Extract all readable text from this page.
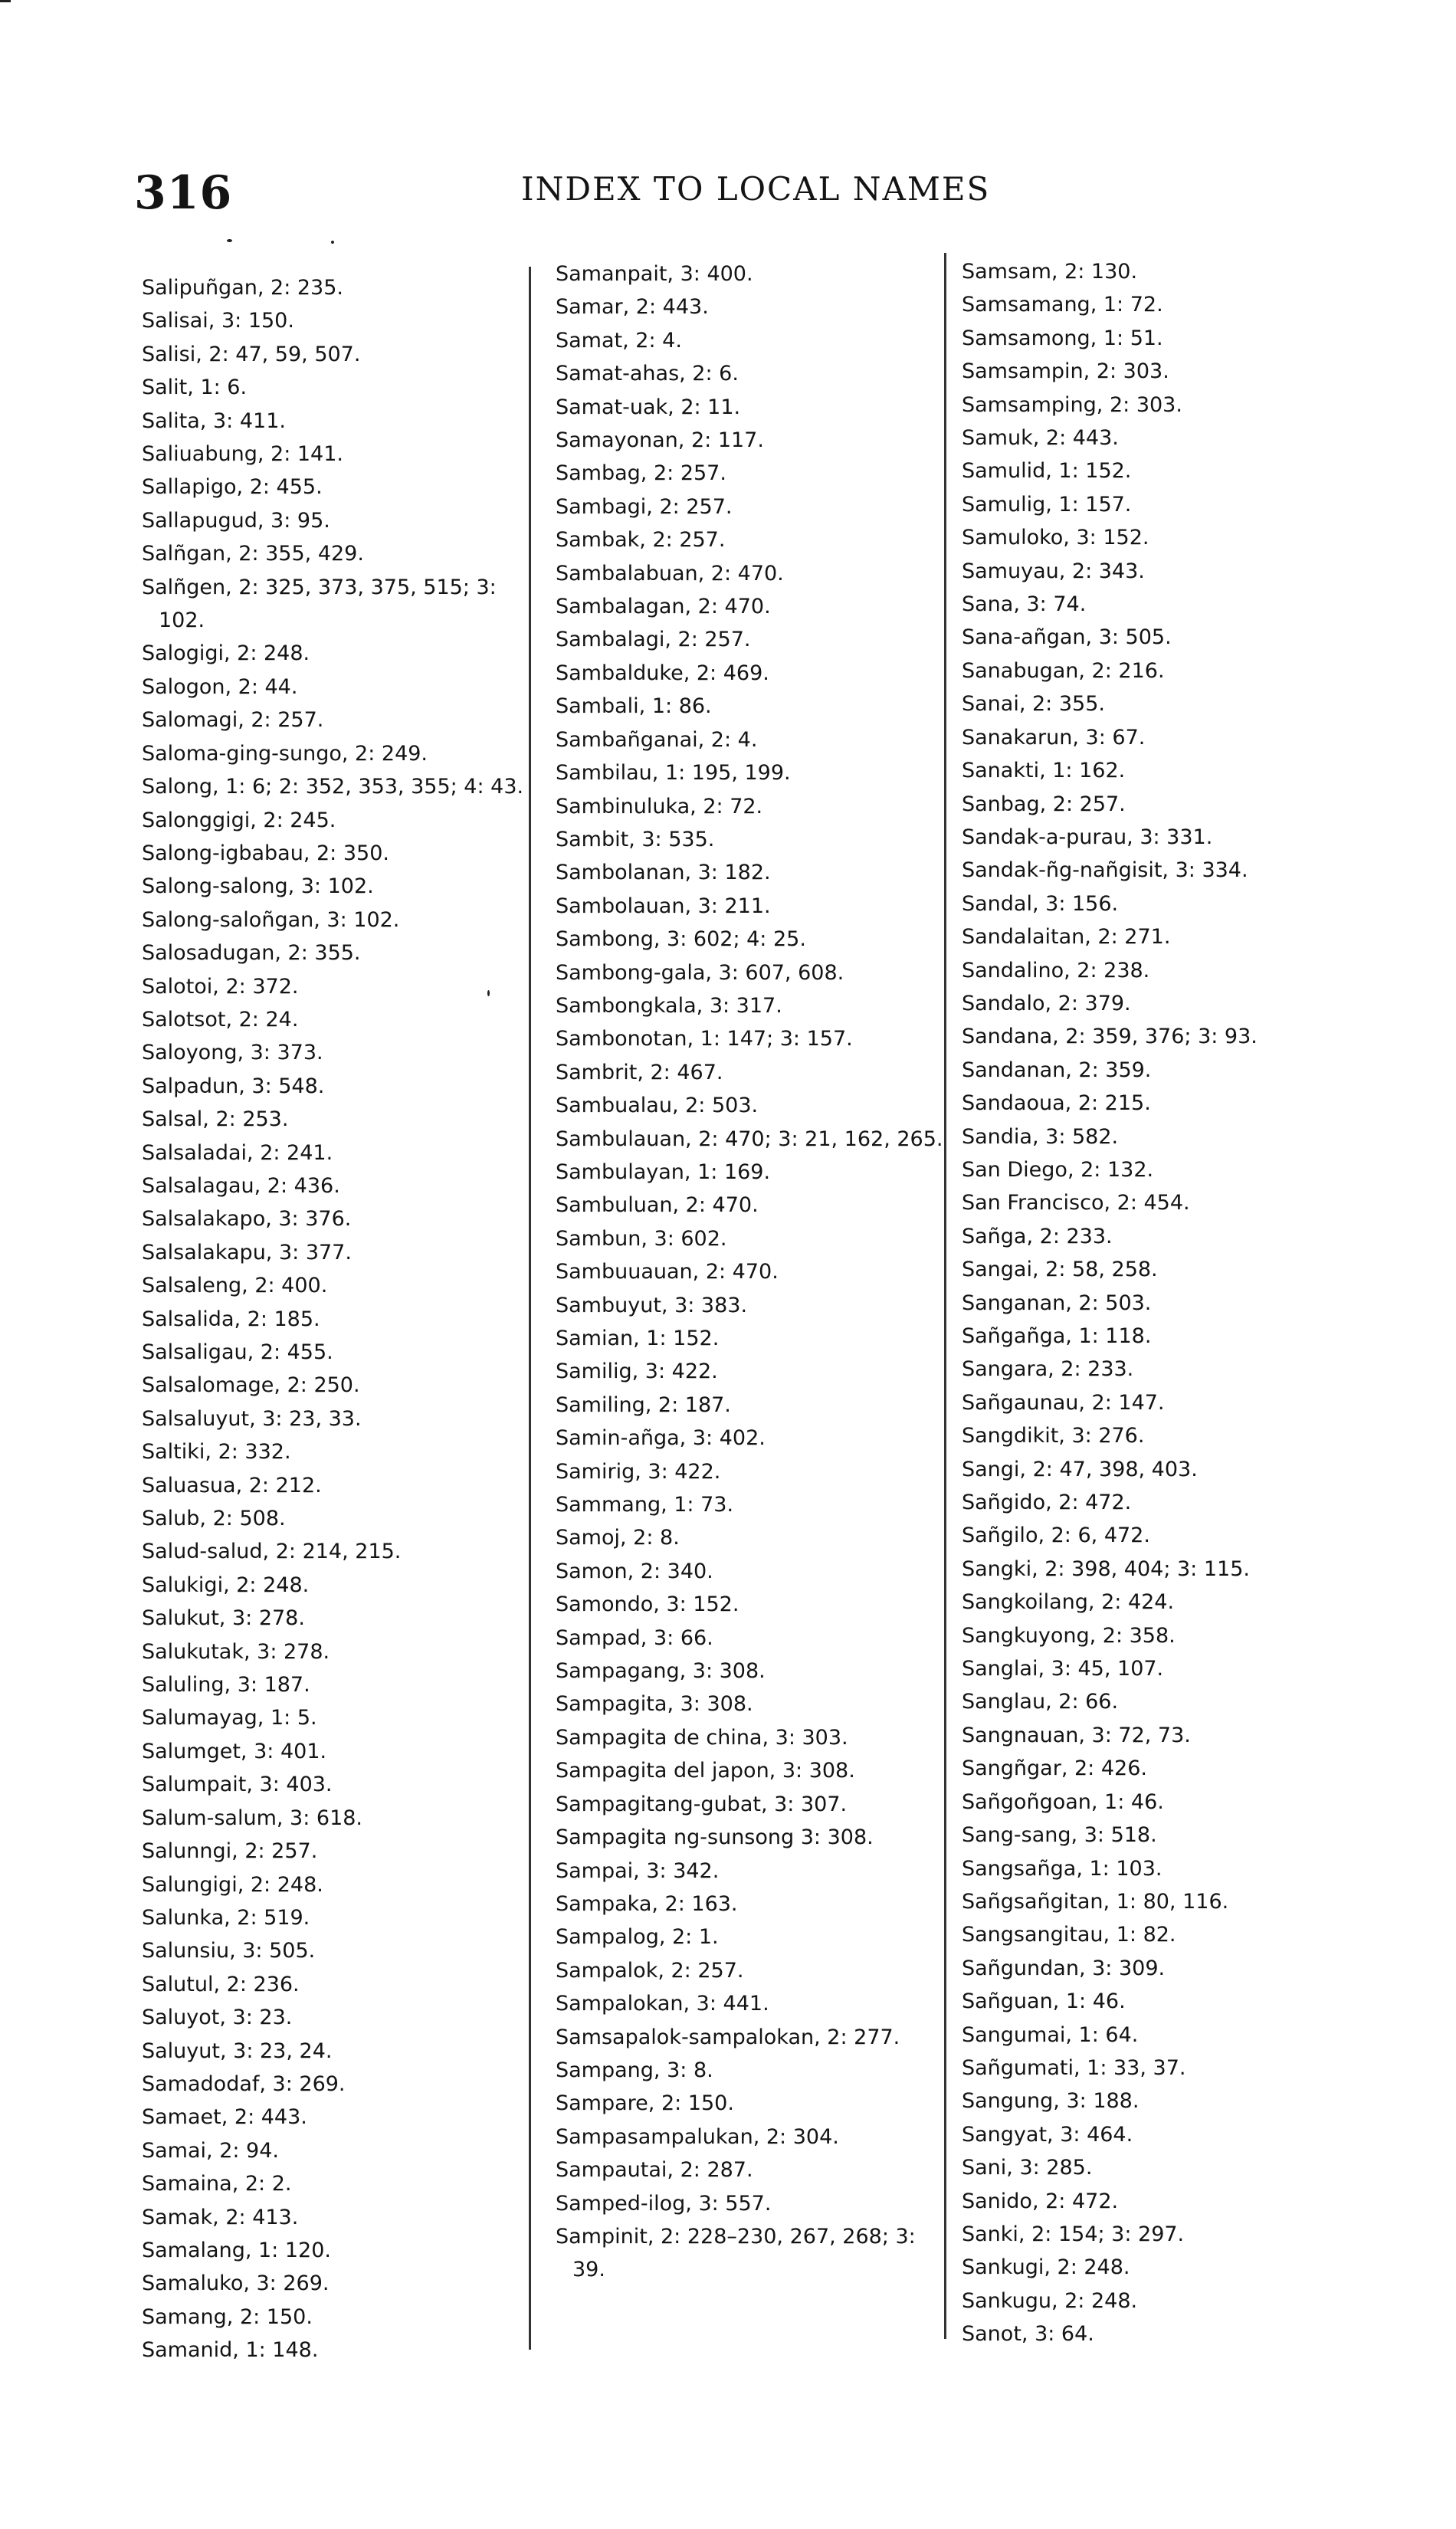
316	INDEX TO LOCAL NAMES

Salipuñgan, 2: 235.

Salisai, 3: 150.

Salisi, 2: 47, 59, 507.

Salit, 1: 6.

Salita, 3: 411.

Saliuabung, 2: 141.

Sallapigo, 2: 455.

Sallapugud, 3: 95.

Salñgan, 2: 355, 429.

Salñgen, 2: 325, 373, 375, 515; 3: 102.

Salogigi, 2: 248.

Salogon, 2: 44.

Salomagi, 2: 257.

Saloma-ging-sungo, 2: 249.

Salong, 1: 6; 2: 352, 353, 355; 4: 43.

Salonggigi, 2: 245.

Salong-igbabau, 2: 350.

Salong-salong, 3: 102.

Salong-saloñgan, 3: 102.

Salosadugan, 2: 355.

Salotoi, 2: 372.

Salotsot, 2: 24.

Saloyong, 3: 373.

Salpadun, 3: 548.

Salsal, 2: 253.

Salsaladai, 2: 241.

Salsalagau, 2: 436.

Salsalakapo, 3: 376.

Salsalakapu, 3: 377.

Salsaleng, 2: 400.

Salsalida, 2: 185.

Salsaligau, 2: 455.

Salsalomage, 2: 250.

Salsaluyut, 3: 23, 33.

Saltiki, 2: 332.

Saluasua, 2: 212.

Salub, 2: 508.

Salud-salud, 2: 214, 215.

Salukigi, 2: 248.

Salukut, 3: 278.

Salukutak, 3: 278.

Saluling, 3: 187.

Salumayag, 1: 5.

Salumget, 3: 401.

Salumpait, 3: 403.

Salum-salum, 3: 618.

Salunngi, 2: 257.

Salungigi, 2: 248.

Salunka, 2: 519.

Salunsiu, 3: 505.

Salutul, 2: 236.

Saluyot, 3: 23.

Saluyut, 3: 23, 24.

Samadodaf, 3: 269.

Samaet, 2: 443.

Samai, 2: 94.

Samaina, 2: 2.

Samak, 2: 413.

Samalang, 1: 120.

Samaluko, 3: 269.

Samang, 2: 150.

Samanid, 1: 148.

Samanpait, 3: 400.

Samar, 2: 443.

Samat, 2: 4.

Samat-ahas, 2: 6.

Samat-uak, 2: 11.

Samayonan, 2: 117.

Sambag, 2: 257.

Sambagi, 2: 257.

Sambak, 2: 257.

Sambalabuan, 2: 470.

Sambalagan, 2: 470.

Sambalagi, 2: 257.

Sambalduke, 2: 469.

Sambali, 1: 86.

Sambañganai, 2: 4.

Sambilau, 1: 195, 199.

Sambinuluka, 2: 72.

Sambit, 3: 535.

Sambolanan, 3: 182.

Sambolauan, 3: 211.

Sambong, 3: 602; 4: 25.

Sambong-gala, 3: 607, 608.

Sambongkala, 3: 317.

Sambonotan, 1: 147; 3: 157.

Sambrit, 2: 467.

Sambualau, 2: 503.

Sambulauan, 2: 470; 3: 21, 162, 265.

Sambulayan, 1: 169.

Sambuluan, 2: 470.

Sambun, 3: 602.

Sambuuauan, 2: 470.

Sambuyut, 3: 383.

Samian, 1: 152.

Samilig, 3: 422.

Samiling, 2: 187.

Samin-añga, 3: 402.

Samirig, 3: 422.

Sammang, 1: 73.

Samoj, 2: 8.

Samon, 2: 340.

Samondo, 3: 152.

Sampad, 3: 66.

Sampagang, 3: 308.

Sampagita, 3: 308.

Sampagita de china, 3: 303.

Sampagita del japon, 3: 308.

Sampagitang-gubat, 3: 307.

Sampagita ng-sunsong 3: 308.

Sampai, 3: 342.

Sampaka, 2: 163.

Sampalog, 2: 1.

Sampalok, 2: 257.

Sampalokan, 3: 441.

Samsapalok-sampalokan, 2: 277.

Sampang, 3: 8.

Sampare, 2: 150.

Sampasampalukan, 2: 304.

Sampautai, 2: 287.

Samped-ilog, 3: 557.

Sampinit, 2: 228–230, 267, 268; 3: 39.

Samsam, 2: 130.

Samsamang, 1: 72.

Samsamong, 1: 51.

Samsampin, 2: 303.

Samsamping, 2: 303.

Samuk, 2: 443.

Samulid, 1: 152.

Samulig, 1: 157.

Samuloko, 3: 152.

Samuyau, 2: 343.

Sana, 3: 74.

Sana-añgan, 3: 505.

Sanabugan, 2: 216.

Sanai, 2: 355.

Sanakarun, 3: 67.

Sanakti, 1: 162.

Sanbag, 2: 257.

Sandak-a-purau, 3: 331.

Sandak-ñg-nañgisit, 3: 334.

Sandal, 3: 156.

Sandalaitan, 2: 271.

Sandalino, 2: 238.

Sandalo, 2: 379.

Sandana, 2: 359, 376; 3: 93.

Sandanan, 2: 359.

Sandaoua, 2: 215.

Sandia, 3: 582.

San Diego, 2: 132.

San Francisco, 2: 454.

Sañga, 2: 233.

Sangai, 2: 58, 258.

Sanganan, 2: 503.

Sañgañga, 1: 118.

Sangara, 2: 233.

Sañgaunau, 2: 147.

Sangdikit, 3: 276.

Sangi, 2: 47, 398, 403.

Sañgido, 2: 472.

Sañgilo, 2: 6, 472.

Sangki, 2: 398, 404; 3: 115.

Sangkoilang, 2: 424.

Sangkuyong, 2: 358.

Sanglai, 3: 45, 107.

Sanglau, 2: 66.

Sangnauan, 3: 72, 73.

Sangñgar, 2: 426.

Sañgoñgoan, 1: 46.

Sang-sang, 3: 518.

Sangsañga, 1: 103.

Sañgsañgitan, 1: 80, 116.

Sangsangitau, 1: 82.

Sañgundan, 3: 309.

Sañguan, 1: 46.

Sangumai, 1: 64.

Sañgumati, 1: 33, 37.

Sangung, 3: 188.

Sangyat, 3: 464.

Sani, 3: 285.

Sanido, 2: 472.

Sanki, 2: 154; 3: 297.

Sankugi, 2: 248.

Sankugu, 2: 248.

Sanot, 3: 64.
